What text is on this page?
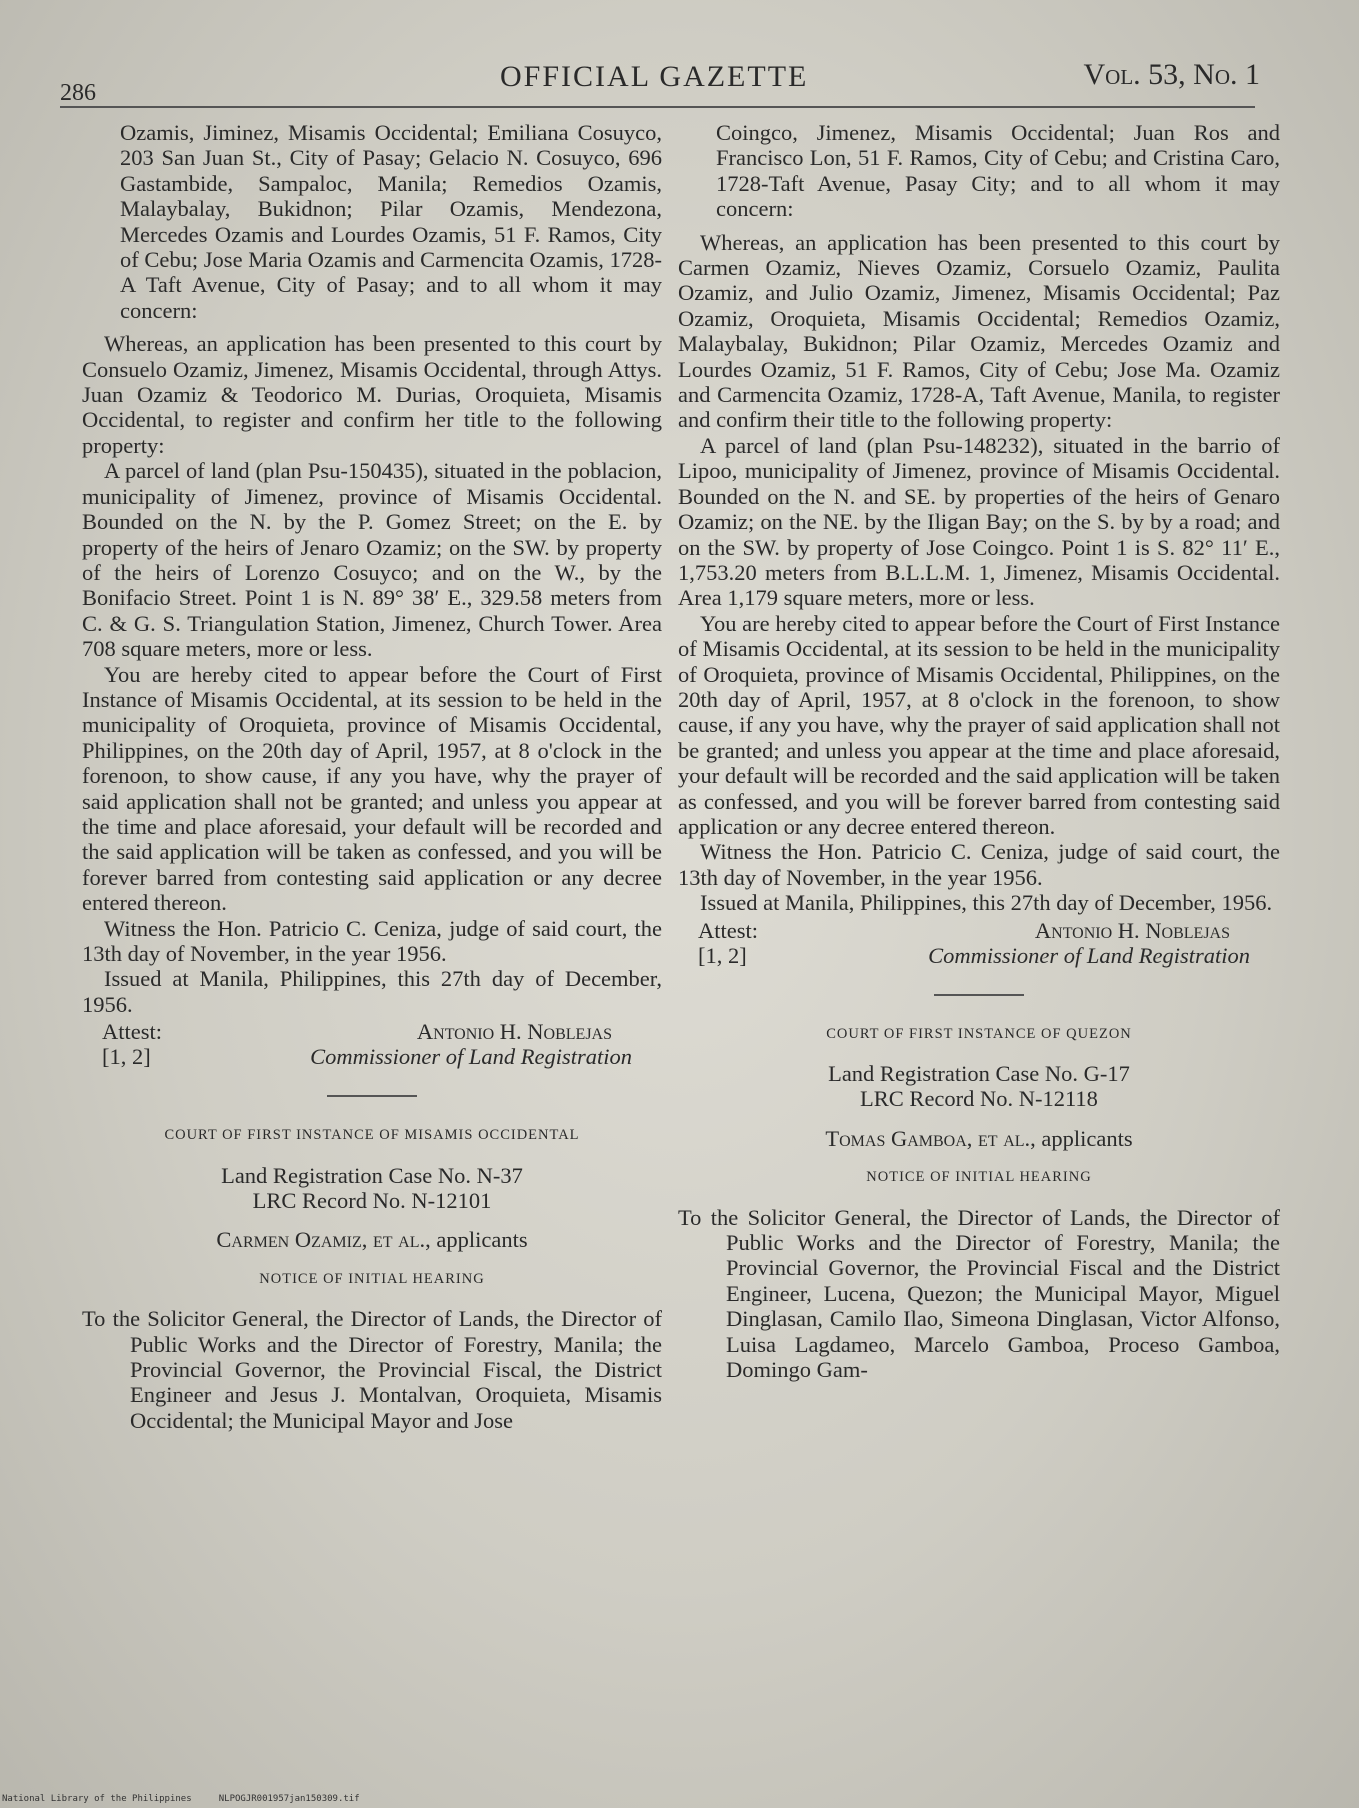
286	OFFICIAL GAZETTE	Vol. 53, No. 1

Ozamis, Jiminez, Misamis Occidental; Emiliana Cosuyco, 203 San Juan St., City of Pasay; Gelacio N. Cosuyco, 696 Gastambide, Sampaloc, Manila; Remedios Ozamis, Malaybalay, Bukidnon; Pilar Ozamis, Mendezona, Mercedes Ozamis and Lourdes Ozamis, 51 F. Ramos, City of Cebu; Jose Maria Ozamis and Carmencita Ozamis, 1728-A Taft Avenue, City of Pasay; and to all whom it may concern:

Whereas, an application has been presented to this court by Consuelo Ozamiz, Jimenez, Misamis Occidental, through Attys. Juan Ozamiz & Teodorico M. Durias, Oroquieta, Misamis Occidental, to register and confirm her title to the following property:

A parcel of land (plan Psu-150435), situated in the poblacion, municipality of Jimenez, province of Misamis Occidental. Bounded on the N. by the P. Gomez Street; on the E. by property of the heirs of Jenaro Ozamiz; on the SW. by property of the heirs of Lorenzo Cosuyco; and on the W., by the Bonifacio Street. Point 1 is N. 89° 38′ E., 329.58 meters from C. & G. S. Triangulation Station, Jimenez, Church Tower. Area 708 square meters, more or less.

You are hereby cited to appear before the Court of First Instance of Misamis Occidental, at its session to be held in the municipality of Oroquieta, province of Misamis Occidental, Philippines, on the 20th day of April, 1957, at 8 o'clock in the forenoon, to show cause, if any you have, why the prayer of said application shall not be granted; and unless you appear at the time and place aforesaid, your default will be recorded and the said application will be taken as confessed, and you will be forever barred from contesting said application or any decree entered thereon.

Witness the Hon. Patricio C. Ceniza, judge of said court, the 13th day of November, in the year 1956.

Issued at Manila, Philippines, this 27th day of December, 1956.

Attest:
[1, 2]
Antonio H. Noblejas
Commissioner of Land Registration
COURT OF FIRST INSTANCE OF MISAMIS OCCIDENTAL
Land Registration Case No. N-37
LRC Record No. N-12101
Carmen Ozamiz, et al., applicants
NOTICE OF INITIAL HEARING

To the Solicitor General, the Director of Lands, the Director of Public Works and the Director of Forestry, Manila; the Provincial Governor, the Provincial Fiscal, the District Engineer and Jesus J. Montalvan, Oroquieta, Misamis Occidental; the Municipal Mayor and Jose

Coingco, Jimenez, Misamis Occidental; Juan Ros and Francisco Lon, 51 F. Ramos, City of Cebu; and Cristina Caro, 1728-Taft Avenue, Pasay City; and to all whom it may concern:

Whereas, an application has been presented to this court by Carmen Ozamiz, Nieves Ozamiz, Corsuelo Ozamiz, Paulita Ozamiz, and Julio Ozamiz, Jimenez, Misamis Occidental; Paz Ozamiz, Oroquieta, Misamis Occidental; Remedios Ozamiz, Malaybalay, Bukidnon; Pilar Ozamiz, Mercedes Ozamiz and Lourdes Ozamiz, 51 F. Ramos, City of Cebu; Jose Ma. Ozamiz and Carmencita Ozamiz, 1728-A, Taft Avenue, Manila, to register and confirm their title to the following property:

A parcel of land (plan Psu-148232), situated in the barrio of Lipoo, municipality of Jimenez, province of Misamis Occidental. Bounded on the N. and SE. by properties of the heirs of Genaro Ozamiz; on the NE. by the Iligan Bay; on the S. by by a road; and on the SW. by property of Jose Coingco. Point 1 is S. 82° 11′ E., 1,753.20 meters from B.L.L.M. 1, Jimenez, Misamis Occidental. Area 1,179 square meters, more or less.

You are hereby cited to appear before the Court of First Instance of Misamis Occidental, at its session to be held in the municipality of Oroquieta, province of Misamis Occidental, Philippines, on the 20th day of April, 1957, at 8 o'clock in the forenoon, to show cause, if any you have, why the prayer of said application shall not be granted; and unless you appear at the time and place aforesaid, your default will be recorded and the said application will be taken as confessed, and you will be forever barred from contesting said application or any decree entered thereon.

Witness the Hon. Patricio C. Ceniza, judge of said court, the 13th day of November, in the year 1956.

Issued at Manila, Philippines, this 27th day of December, 1956.

Attest:
[1, 2]
Antonio H. Noblejas
Commissioner of Land Registration
COURT OF FIRST INSTANCE OF QUEZON
Land Registration Case No. G-17
LRC Record No. N-12118
Tomas Gamboa, et al., applicants
NOTICE OF INITIAL HEARING

To the Solicitor General, the Director of Lands, the Director of Public Works and the Director of Forestry, Manila; the Provincial Governor, the Provincial Fiscal and the District Engineer, Lucena, Quezon; the Municipal Mayor, Miguel Dinglasan, Camilo Ilao, Simeona Dinglasan, Victor Alfonso, Luisa Lagdameo, Marcelo Gamboa, Proceso Gamboa, Domingo Gam-

National Library of the Philippines     NLPOGJR001957jan150309.tif
